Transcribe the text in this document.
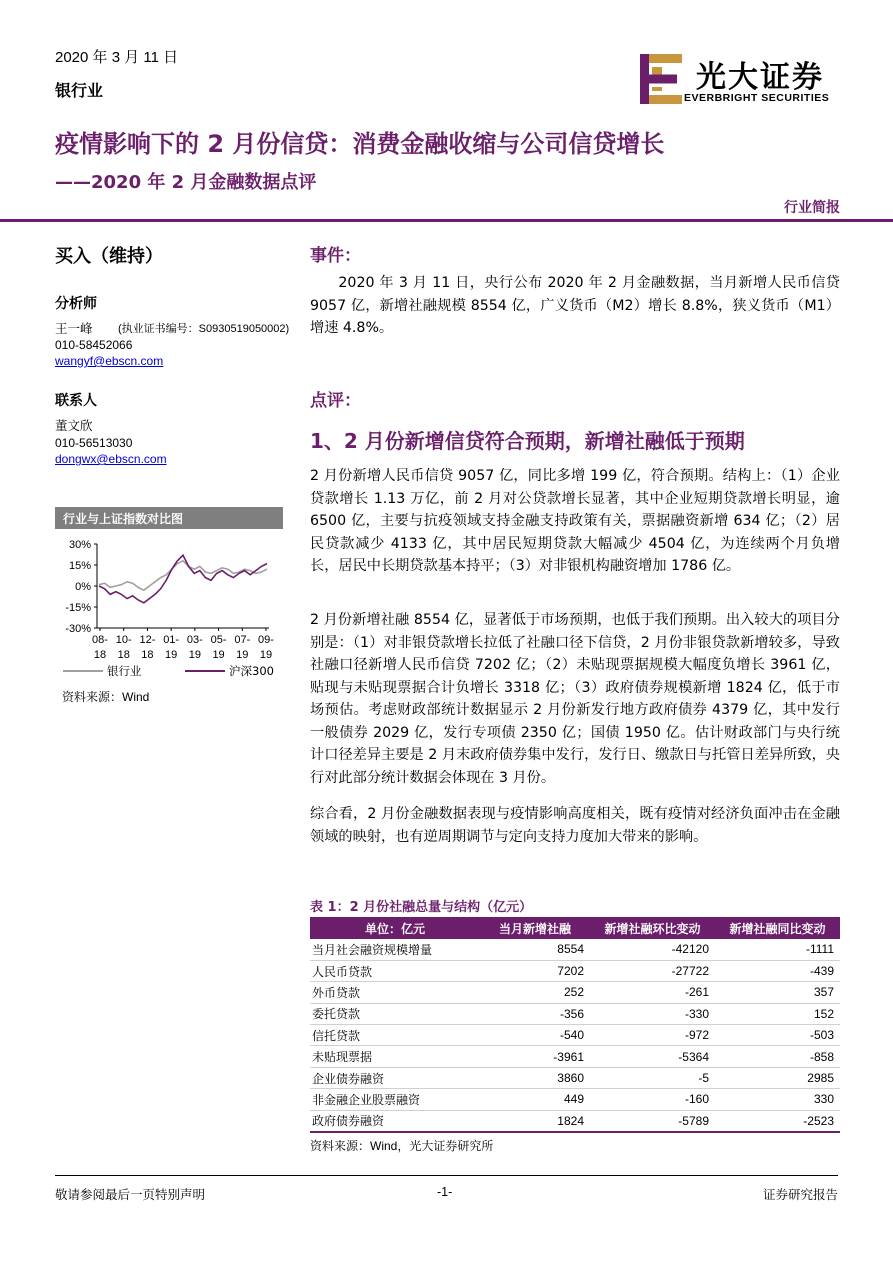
2020 年 3 月 11 日
银行业	光大证券
EVERBRIGHT SECURITIES
疫情影响下的 2 月份信贷：消费金融收缩与公司信贷增长
——2020 年 2 月金融数据点评
行业简报
买入（维持）
分析师
王一峰 (执业证书编号：S0930519050002)
010-58452066
wangyf@ebscn.com
联系人
董文欣
010-56513030
dongwx@ebscn.com
行业与上证指数对比图
30%
15%
0%
-15%
-30%
08-
18
10-
18
12-
18
01-
19
03-
19
05-
19
07-
19
09-
19
银行业	沪深300
资料来源：Wind
事件：

2020 年 3 月 11 日，央行公布 2020 年 2 月金融数据，当月新增人民币信贷 9057 亿，新增社融规模 8554 亿，广义货币（M2）增长 8.8%，狭义货币（M1）增速 4.8%。

点评：
1、2 月份新增信贷符合预期，新增社融低于预期

2 月份新增人民币信贷 9057 亿，同比多增 199 亿，符合预期。结构上：（1）企业贷款增长 1.13 万亿，前 2 月对公贷款增长显著，其中企业短期贷款增长明显，逾 6500 亿，主要与抗疫领域支持金融支持政策有关，票据融资新增 634 亿；（2）居民贷款减少 4133 亿，其中居民短期贷款大幅减少 4504 亿，为连续两个月负增长，居民中长期贷款基本持平；（3）对非银机构融资增加 1786 亿。

2 月份新增社融 8554 亿，显著低于市场预期，也低于我们预期。出入较大的项目分别是：（1）对非银贷款增长拉低了社融口径下信贷，2 月份非银贷款新增较多，导致社融口径新增人民币信贷 7202 亿；（2）未贴现票据规模大幅度负增长 3961 亿，贴现与未贴现票据合计负增长 3318 亿；（3）政府债券规模新增 1824 亿，低于市场预估。考虑财政部统计数据显示 2 月份新发行地方政府债券 4379 亿，其中发行一般债券 2029 亿，发行专项债 2350 亿；国债 1950 亿。估计财政部门与央行统计口径差异主要是 2 月末政府债券集中发行，发行日、缴款日与托管日差异所致，央行对此部分统计数据会体现在 3 月份。

综合看，2 月份金融数据表现与疫情影响高度相关，既有疫情对经济负面冲击在金融领域的映射，也有逆周期调节与定向支持力度加大带来的影响。

表 1：2 月份社融总量与结构（亿元）
单位：亿元	当月新增社融	新增社融环比变动	新增社融同比变动
当月社会融资规模增量	8554	-42120	-1111
人民币贷款	7202	-27722	-439
外币贷款	252	-261	357
委托贷款	-356	-330	152
信托贷款	-540	-972	-503
未贴现票据	-3961	-5364	-858
企业债券融资	3860	-5	2985
非金融企业股票融资	449	-160	330
政府债券融资	1824	-5789	-2523
资料来源：Wind，光大证券研究所
敬请参阅最后一页特别声明	-1-	证券研究报告
